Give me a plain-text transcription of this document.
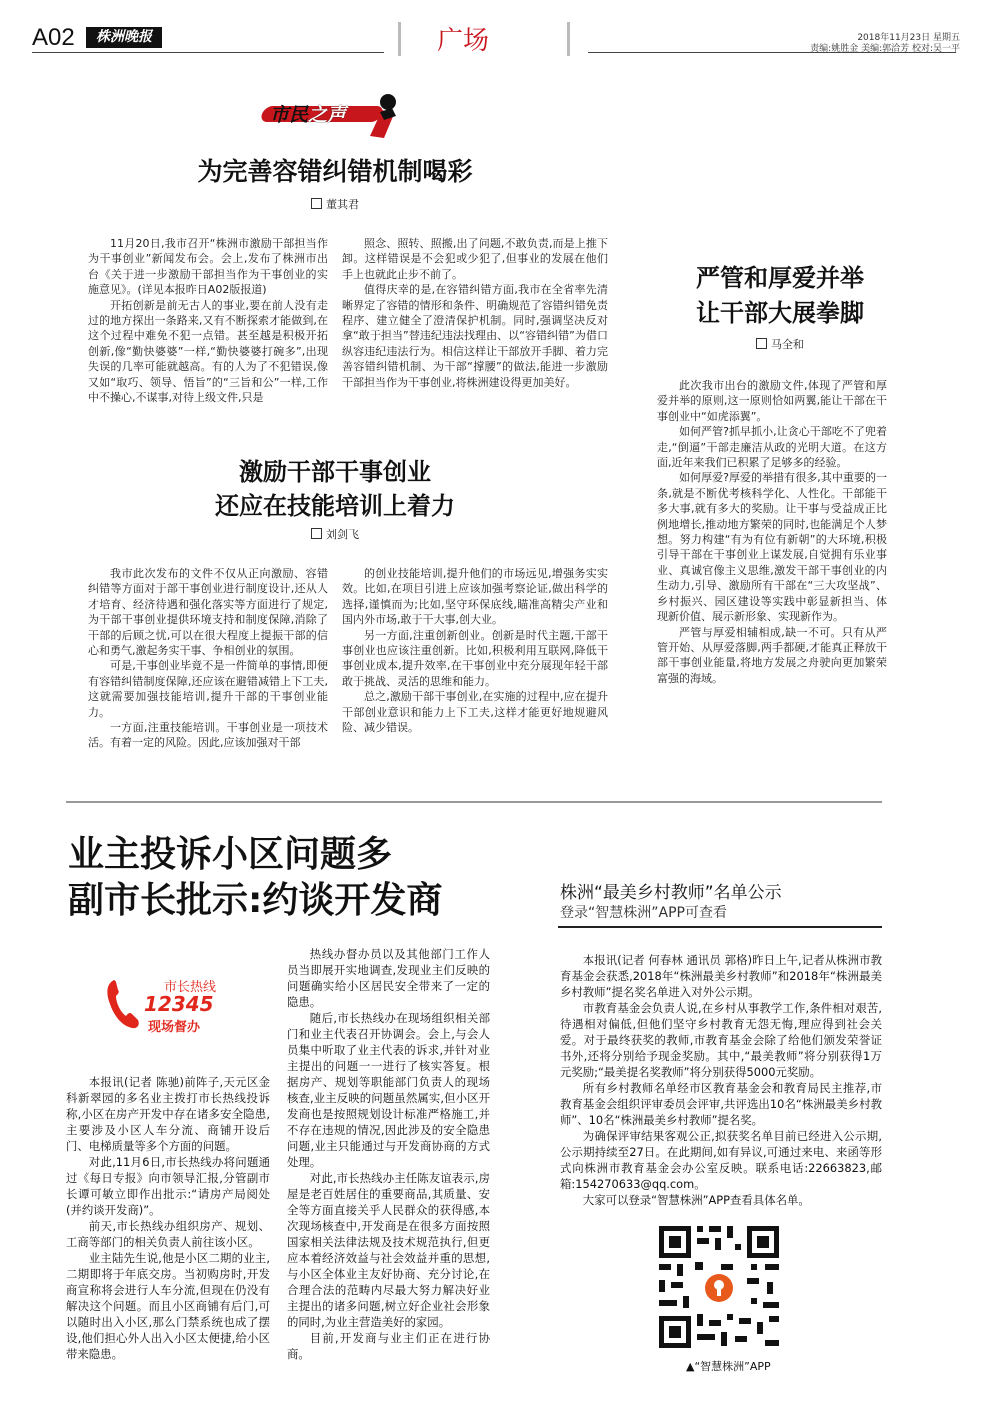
A02	株洲晚报	广场	2018年11月23日 星期五
责编:姚胜金 美编:郭洽芳 校对:吴一平
市民之声
为完善容错纠错机制喝彩
董其君

11月20日,我市召开“株洲市激励干部担当作为干事创业”新闻发布会。会上,发布了株洲市出台《关于进一步激励干部担当作为干事创业的实施意见》。(详见本报昨日A02版报道)

开拓创新是前无古人的事业,要在前人没有走过的地方探出一条路来,又有不断探索才能做到,在这个过程中难免不犯一点错。甚至越是积极开拓创新,像“勤快婆婆”一样,“勤快婆婆打碗多”,出现失误的几率可能就越高。有的人为了不犯错误,像又如“取巧、领导、悟旨”的“三旨和公”一样,工作中不操心,不谋事,对待上级文件,只是

照念、照转、照搬,出了问题,不敢负责,而是上推下卸。这样错误是不会犯或少犯了,但事业的发展在他们手上也就此止步不前了。

值得庆幸的是,在容错纠错方面,我市在全省率先清晰界定了容错的情形和条件、明确规范了容错纠错免责程序、建立健全了澄清保护机制。同时,强调坚决反对拿“敢于担当”替违纪违法找理由、以“容错纠错”为借口纵容违纪违法行为。相信这样让干部放开手脚、着力完善容错纠错机制、为干部“撑腰”的做法,能进一步激励干部担当作为干事创业,将株洲建设得更加美好。

激励干部干事创业
还应在技能培训上着力
刘剑飞

我市此次发布的文件不仅从正向激励、容错纠错等方面对于部干事创业进行制度设计,还从人才培育、经济待遇和强化落实等方面进行了规定,为干部干事创业提供环境支持和制度保障,消除了干部的后顾之忧,可以在很大程度上提振干部的信心和勇气,激起务实干事、争相创业的氛围。

可是,干事创业毕竟不是一件简单的事情,即便有容错纠错制度保障,还应该在避错减错上下工夫,这就需要加强技能培训,提升干部的干事创业能力。

一方面,注重技能培训。干事创业是一项技术活。有着一定的风险。因此,应该加强对干部

的创业技能培训,提升他们的市场远见,增强务实实效。比如,在项目引进上应该加强考察论证,做出科学的选择,谨慎而为;比如,坚守环保底线,瞄准高精尖产业和国内外市场,敢于干大事,创大业。

另一方面,注重创新创业。创新是时代主题,干部干事创业也应该注重创新。比如,积极利用互联网,降低干事创业成本,提升效率,在干事创业中充分展现年轻干部敢于挑战、灵活的思维和能力。

总之,激励干部干事创业,在实施的过程中,应在提升干部创业意识和能力上下工夫,这样才能更好地规避风险、减少错误。

严管和厚爱并举
让干部大展拳脚
马全和

此次我市出台的激励文件,体现了严管和厚爱并举的原则,这一原则恰如两翼,能让干部在干事创业中“如虎添翼”。

如何严管?抓早抓小,让贪心干部吃不了兜着走,“倒逼”干部走廉洁从政的光明大道。在这方面,近年来我们已积累了足够多的经验。

如何厚爱?厚爱的举措有很多,其中重要的一条,就是不断优考核科学化、人性化。干部能干多大事,就有多大的奖励。让干事与受益成正比例地增长,推动地方繁荣的同时,也能满足个人梦想。努力构建“有为有位有新朝”的大环境,积极引导干部在干事创业上谋发展,自觉拥有乐业事业、真诚官像主义思维,激发干部干事创业的内生动力,引导、激励所有干部在“三大攻坚战”、乡村振兴、园区建设等实践中彰显新担当、体现新价值、展示新形象、实现新作为。

严管与厚爱相辅相成,缺一不可。只有从严管开始、从厚爱落脚,两手都硬,才能真正释放干部干事创业能量,将地方发展之舟驶向更加繁荣富强的海域。

业主投诉小区问题多
副市长批示:约谈开发商
市长热线
12345
现场督办

本报讯(记者 陈驰)前阵子,天元区金科新翠园的多名业主拨打市长热线投诉称,小区在房产开发中存在诸多安全隐患,主要涉及小区人车分流、商铺开设后门、电梯质量等多个方面的问题。

对此,11月6日,市长热线办将问题通过《每日专报》向市领导汇报,分管副市长谭可敏立即作出批示:“请房产局阅处(并约谈开发商)”。

前天,市长热线办组织房产、规划、工商等部门的相关负责人前往该小区。

业主陆先生说,他是小区二期的业主,二期即将于年底交房。当初购房时,开发商宣称将会进行人车分流,但现在仍没有解决这个问题。而且小区商铺有后门,可以随时出入小区,那么门禁系统也成了摆设,他们担心外人出入小区太便捷,给小区带来隐患。

热线办督办员以及其他部门工作人员当即展开实地调查,发现业主们反映的问题确实给小区居民安全带来了一定的隐患。

随后,市长热线办在现场组织相关部门和业主代表召开协调会。会上,与会人员集中听取了业主代表的诉求,并针对业主提出的问题一一进行了核实答复。根据房产、规划等职能部门负责人的现场核查,业主反映的问题虽然属实,但小区开发商也是按照规划设计标准严格施工,并不存在违规的情况,因此涉及的安全隐患问题,业主只能通过与开发商协商的方式处理。

对此,市长热线办主任陈友谊表示,房屋是老百姓居住的重要商品,其质量、安全等方面直接关乎人民群众的获得感,本次现场核查中,开发商是在很多方面按照国家相关法律法规及技术规范执行,但更应本着经济效益与社会效益并重的思想,与小区全体业主友好协商、充分讨论,在合理合法的范畴内尽最大努力解决好业主提出的诸多问题,树立好企业社会形象的同时,为业主营造美好的家园。

目前,开发商与业主们正在进行协商。

株洲“最美乡村教师”名单公示
登录“智慧株洲”APP可查看

本报讯(记者 何春林 通讯员 郭格)昨日上午,记者从株洲市教育基金会获悉,2018年“株洲最美乡村教师”和2018年“株洲最美乡村教师”提名奖名单进入对外公示期。

市教育基金会负责人说,在乡村从事教学工作,条件相对艰苦,待遇相对偏低,但他们坚守乡村教育无怨无悔,理应得到社会关爱。对于最终获奖的教师,市教育基金会除了给他们颁发荣誉证书外,还将分别给予现金奖励。其中,“最美教师”将分别获得1万元奖励;“最美提名奖教师”将分别获得5000元奖励。

所有乡村教师名单经市区教育基金会和教育局民主推荐,市教育基金会组织评审委员会评审,共评选出10名“株洲最美乡村教师”、10名“株洲最美乡村教师”提名奖。

为确保评审结果客观公正,拟获奖名单目前已经进入公示期,公示期持续至27日。在此期间,如有异议,可通过来电、来函等形式向株洲市教育基金会办公室反映。联系电话:22663823,邮箱:154270633@qq.com。

大家可以登录“智慧株洲”APP查看具体名单。

▲“智慧株洲”APP
